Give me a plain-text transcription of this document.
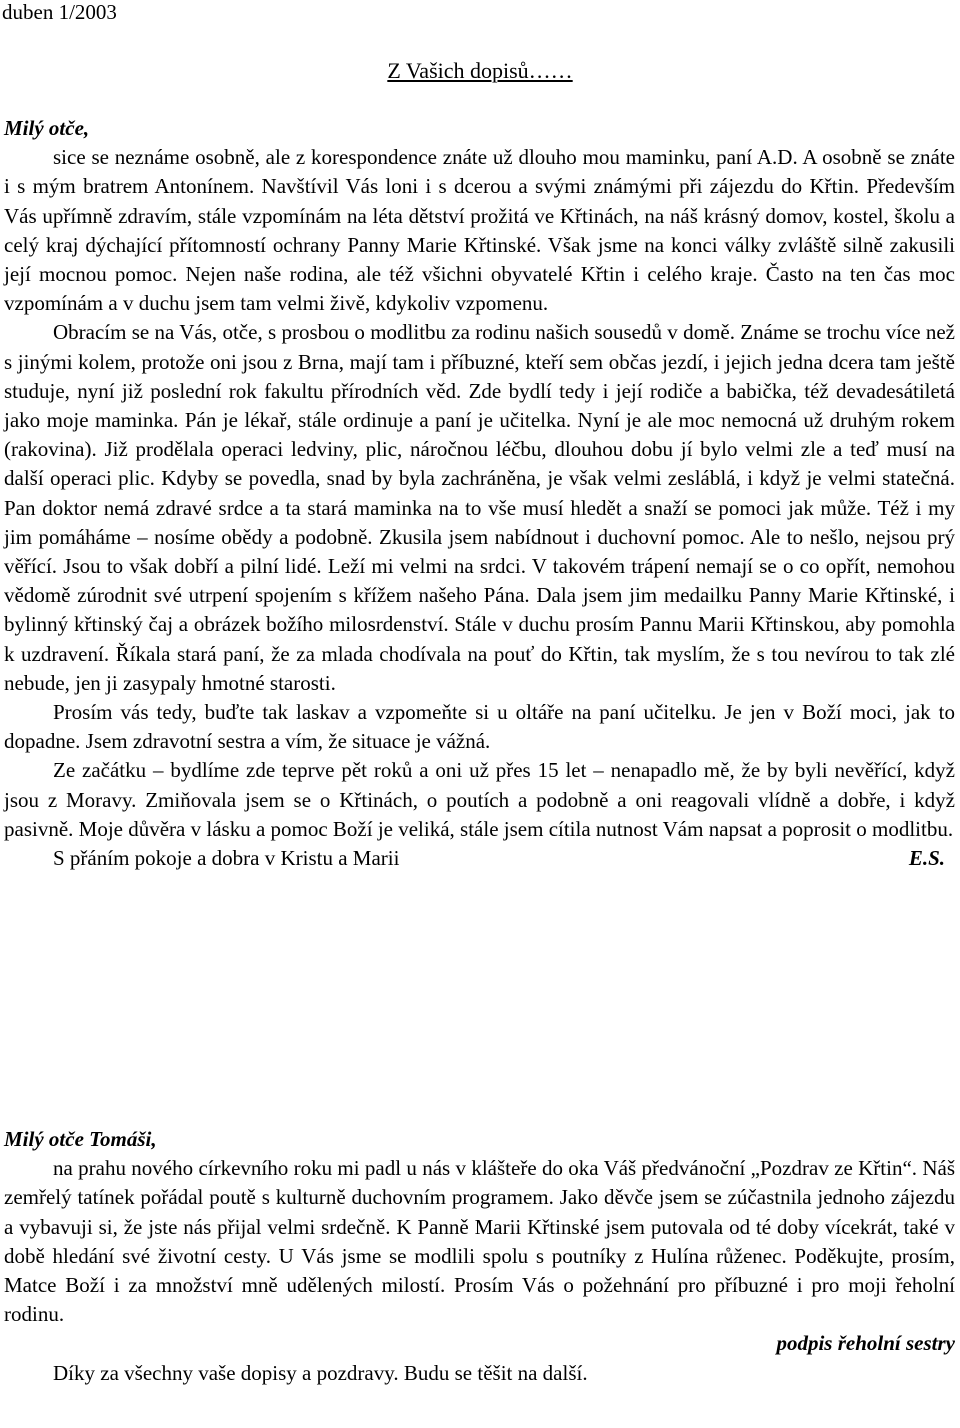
duben 1/2003
Z Vašich dopisů……

Milý otče,

sice se neznáme osobně, ale z korespondence znáte už dlouho mou maminku, paní A.D. A osobně se znáte i s mým bratrem Antonínem. Navštívil Vás loni i s dcerou a svými známými při zájezdu do Křtin. Především Vás upřímně zdravím, stále vzpomínám na léta dětství prožitá ve Křtinách, na náš krásný domov, kostel, školu a celý kraj dýchající přítomností ochrany Panny Marie Křtinské. Však jsme na konci války zvláště silně zakusili její mocnou pomoc. Nejen naše rodina, ale též všichni obyvatelé Křtin i celého kraje. Často na ten čas moc vzpomínám a v duchu jsem tam velmi živě, kdykoliv vzpomenu.

Obracím se na Vás, otče, s prosbou o modlitbu za rodinu našich sousedů v domě. Známe se trochu více než s jinými kolem, protože oni jsou z Brna, mají tam i příbuzné, kteří sem občas jezdí, i jejich jedna dcera tam ještě studuje, nyní již poslední rok fakultu přírodních věd. Zde bydlí tedy i její rodiče a babička, též devadesátiletá jako moje maminka. Pán je lékař, stále ordinuje a paní je učitelka. Nyní je ale moc nemocná už druhým rokem (rakovina). Již prodělala operaci ledviny, plic, náročnou léčbu, dlouhou dobu jí bylo velmi zle a teď musí na další operaci plic. Kdyby se povedla, snad by byla zachráněna, je však velmi zesláblá, i když je velmi statečná. Pan doktor nemá zdravé srdce a ta stará maminka na to vše musí hledět a snaží se pomoci jak může. Též i my jim pomáháme – nosíme obědy a podobně. Zkusila jsem nabídnout i duchovní pomoc. Ale to nešlo, nejsou prý věřící. Jsou to však dobří a pilní lidé. Leží mi velmi na srdci. V takovém trápení nemají se o co opřít, nemohou vědomě zúrodnit své utrpení spojením s křížem našeho Pána. Dala jsem jim medailku Panny Marie Křtinské, i bylinný křtinský čaj a obrázek božího milosrdenství. Stále v duchu prosím Pannu Marii Křtinskou, aby pomohla k uzdravení. Říkala stará paní, že za mlada chodívala na pouť do Křtin, tak myslím, že s tou nevírou to tak zlé nebude, jen ji zasypaly hmotné starosti.

Prosím vás tedy, buďte tak laskav a vzpomeňte si u oltáře na paní učitelku. Je jen v Boží moci, jak to dopadne. Jsem zdravotní sestra a vím, že situace je vážná.

Ze začátku – bydlíme zde teprve pět roků a oni už přes 15 let – nenapadlo mě, že by byli nevěřící, když jsou z Moravy. Zmiňovala jsem se o Křtinách, o poutích a podobně a oni reagovali vlídně a dobře, i když pasivně. Moje důvěra v lásku a pomoc Boží je veliká, stále jsem cítila nutnost Vám napsat a poprosit o modlitbu.

S přáním pokoje a dobra v Kristu a Marii	E.S.

Milý otče Tomáši,

na prahu nového církevního roku mi padl u nás v klášteře do oka Váš předvánoční „Pozdrav ze Křtin“. Náš zemřelý tatínek pořádal poutě s kulturně duchovním programem. Jako děvče jsem se zúčastnila jednoho zájezdu a vybavuji si, že jste nás přijal velmi srdečně. K Panně Marii Křtinské jsem putovala od té doby vícekrát, také v době hledání své životní cesty. U Vás jsme se modlili spolu s poutníky z Hulína růženec. Poděkujte, prosím, Matce Boží i za množství mně udělených milostí. Prosím Vás o požehnání pro příbuzné i pro moji řeholní rodinu.

podpis řeholní sestry

Díky za všechny vaše dopisy a pozdravy. Budu se těšit na další.
